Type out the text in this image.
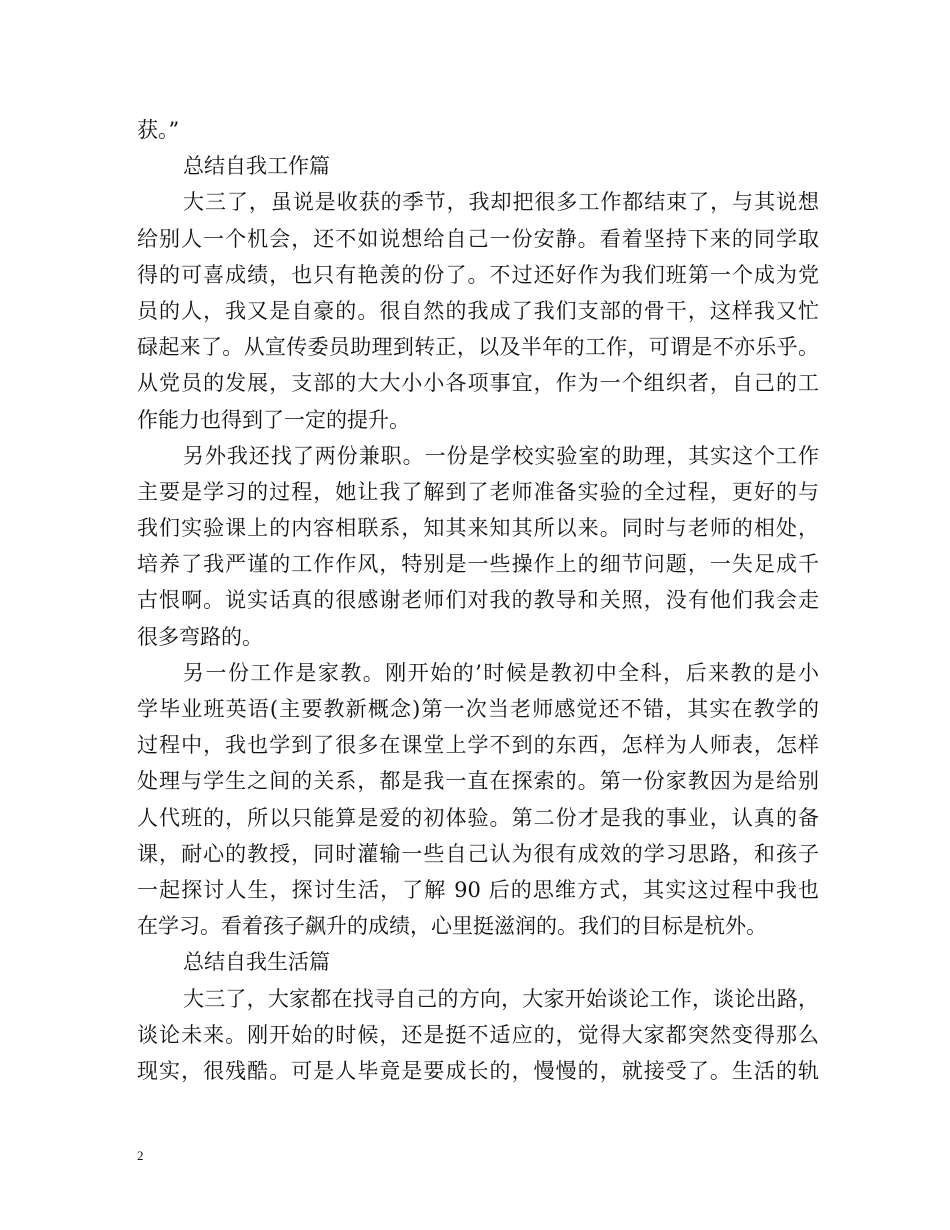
获。”
总结自我工作篇
大三了，虽说是收获的季节，我却把很多工作都结束了，与其说想
给别人一个机会，还不如说想给自己一份安静。看着坚持下来的同学取
得的可喜成绩，也只有艳羡的份了。不过还好作为我们班第一个成为党
员的人，我又是自豪的。很自然的我成了我们支部的骨干，这样我又忙
碌起来了。从宣传委员助理到转正，以及半年的工作，可谓是不亦乐乎。
从党员的发展，支部的大大小小各项事宜，作为一个组织者，自己的工
作能力也得到了一定的提升。
另外我还找了两份兼职。一份是学校实验室的助理，其实这个工作
主要是学习的过程，她让我了解到了老师准备实验的全过程，更好的与
我们实验课上的内容相联系，知其来知其所以来。同时与老师的相处，
培养了我严谨的工作作风，特别是一些操作上的细节问题，一失足成千
古恨啊。说实话真的很感谢老师们对我的教导和关照，没有他们我会走
很多弯路的。
另一份工作是家教。刚开始的’时候是教初中全科，后来教的是小
学毕业班英语(主要教新概念)第一次当老师感觉还不错，其实在教学的
过程中，我也学到了很多在课堂上学不到的东西，怎样为人师表，怎样
处理与学生之间的关系，都是我一直在探索的。第一份家教因为是给别
人代班的，所以只能算是爱的初体验。第二份才是我的事业，认真的备
课，耐心的教授，同时灌输一些自己认为很有成效的学习思路，和孩子
一起探讨人生，探讨生活，了解 90 后的思维方式，其实这过程中我也
在学习。看着孩子飙升的成绩，心里挺滋润的。我们的目标是杭外。
总结自我生活篇
大三了，大家都在找寻自己的方向，大家开始谈论工作，谈论出路，
谈论未来。刚开始的时候，还是挺不适应的，觉得大家都突然变得那么
现实，很残酷。可是人毕竟是要成长的，慢慢的，就接受了。生活的轨
2
